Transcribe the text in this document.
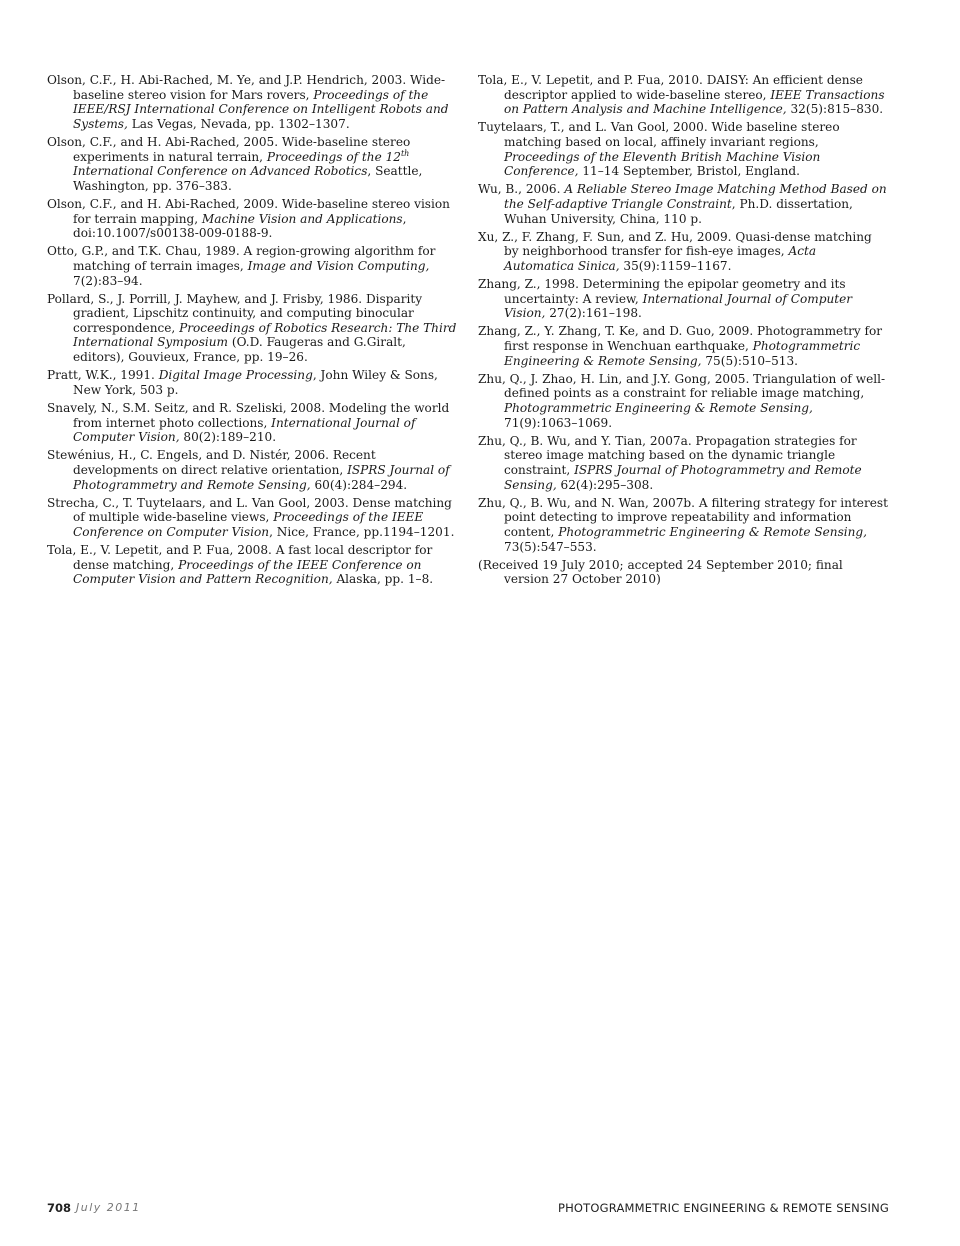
Olson, C.F., H. Abi-Rached, M. Ye, and J.P. Hendrich, 2003. Wide-baseline stereo vision for Mars rovers, Proceedings of the IEEE/RSJ International Conference on Intelligent Robots and Systems, Las Vegas, Nevada, pp. 1302–1307.

Olson, C.F., and H. Abi-Rached, 2005. Wide-baseline stereo experiments in natural terrain, Proceedings of the 12th International Conference on Advanced Robotics, Seattle, Washington, pp. 376–383.

Olson, C.F., and H. Abi-Rached, 2009. Wide-baseline stereo vision for terrain mapping, Machine Vision and Applications, doi:10.1007/s00138-009-0188-9.

Otto, G.P., and T.K. Chau, 1989. A region-growing algorithm for matching of terrain images, Image and Vision Computing, 7(2):83–94.

Pollard, S., J. Porrill, J. Mayhew, and J. Frisby, 1986. Disparity gradient, Lipschitz continuity, and computing binocular correspondence, Proceedings of Robotics Research: The Third International Symposium (O.D. Faugeras and G.Giralt, editors), Gouvieux, France, pp. 19–26.

Pratt, W.K., 1991. Digital Image Processing, John Wiley & Sons, New York, 503 p.

Snavely, N., S.M. Seitz, and R. Szeliski, 2008. Modeling the world from internet photo collections, International Journal of Computer Vision, 80(2):189–210.

Stewénius, H., C. Engels, and D. Nistér, 2006. Recent developments on direct relative orientation, ISPRS Journal of Photogrammetry and Remote Sensing, 60(4):284–294.

Strecha, C., T. Tuytelaars, and L. Van Gool, 2003. Dense matching of multiple wide-baseline views, Proceedings of the IEEE Conference on Computer Vision, Nice, France, pp.1194–1201.

Tola, E., V. Lepetit, and P. Fua, 2008. A fast local descriptor for dense matching, Proceedings of the IEEE Conference on Computer Vision and Pattern Recognition, Alaska, pp. 1–8.

Tola, E., V. Lepetit, and P. Fua, 2010. DAISY: An efficient dense descriptor applied to wide-baseline stereo, IEEE Transactions on Pattern Analysis and Machine Intelligence, 32(5):815–830.

Tuytelaars, T., and L. Van Gool, 2000. Wide baseline stereo matching based on local, affinely invariant regions, Proceedings of the Eleventh British Machine Vision Conference, 11–14 September, Bristol, England.

Wu, B., 2006. A Reliable Stereo Image Matching Method Based on the Self-adaptive Triangle Constraint, Ph.D. dissertation, Wuhan University, China, 110 p.

Xu, Z., F. Zhang, F. Sun, and Z. Hu, 2009. Quasi-dense matching by neighborhood transfer for fish-eye images, Acta Automatica Sinica, 35(9):1159–1167.

Zhang, Z., 1998. Determining the epipolar geometry and its uncertainty: A review, International Journal of Computer Vision, 27(2):161–198.

Zhang, Z., Y. Zhang, T. Ke, and D. Guo, 2009. Photogrammetry for first response in Wenchuan earthquake, Photogrammetric Engineering & Remote Sensing, 75(5):510–513.

Zhu, Q., J. Zhao, H. Lin, and J.Y. Gong, 2005. Triangulation of well-defined points as a constraint for reliable image matching, Photogrammetric Engineering & Remote Sensing, 71(9):1063–1069.

Zhu, Q., B. Wu, and Y. Tian, 2007a. Propagation strategies for stereo image matching based on the dynamic triangle constraint, ISPRS Journal of Photogrammetry and Remote Sensing, 62(4):295–308.

Zhu, Q., B. Wu, and N. Wan, 2007b. A filtering strategy for interest point detecting to improve repeatability and information content, Photogrammetric Engineering & Remote Sensing, 73(5):547–553.

(Received 19 July 2010; accepted 24 September 2010; final version 27 October 2010)

708 July 2011	PHOTOGRAMMETRIC ENGINEERING & REMOTE SENSING
